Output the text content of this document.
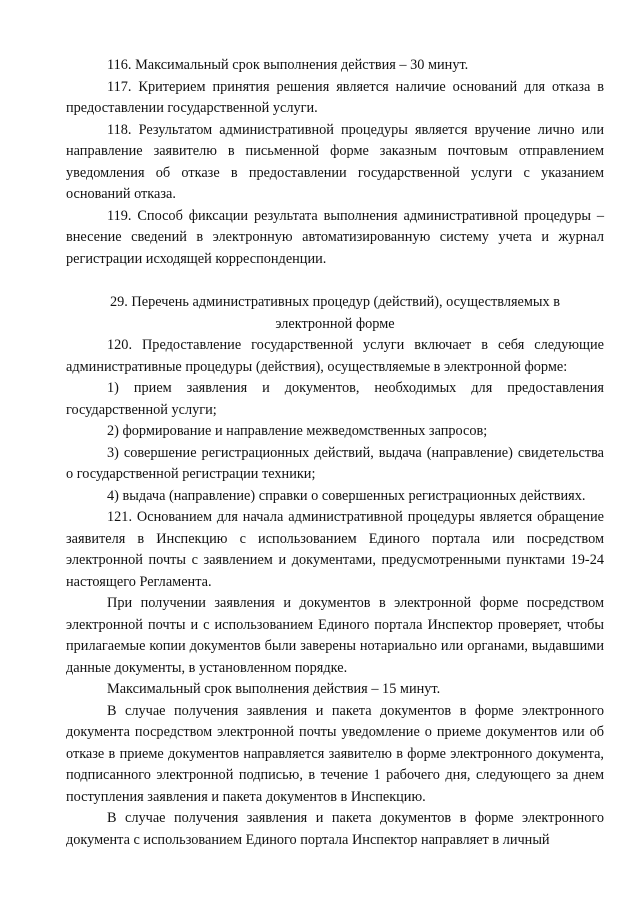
116. Максимальный срок выполнения действия – 30 минут.

117. Критерием принятия решения является наличие оснований для отказа в предоставлении государственной услуги.

118. Результатом административной процедуры является вручение лично или направление заявителю в письменной форме заказным почтовым отправлением уведомления об отказе в предоставлении государственной услуги с указанием оснований отказа.

119. Способ фиксации результата выполнения административной процедуры – внесение сведений в электронную автоматизированную систему учета и журнал регистрации исходящей корреспонденции.

29. Перечень административных процедур (действий), осуществляемых в электронной форме

120. Предоставление государственной услуги включает в себя следующие административные процедуры (действия), осуществляемые в электронной форме:

1) прием заявления и документов, необходимых для предоставления государственной услуги;

2) формирование и направление межведомственных запросов;

3) совершение регистрационных действий, выдача (направление) свидетельства о государственной регистрации техники;

4) выдача (направление) справки о совершенных регистрационных действиях.

121. Основанием для начала административной процедуры является обращение заявителя в Инспекцию с использованием Единого портала или посредством электронной почты с заявлением и документами, предусмотренными пунктами 19-24 настоящего Регламента.

При получении заявления и документов в электронной форме посредством электронной почты и с использованием Единого портала Инспектор проверяет, чтобы прилагаемые копии документов были заверены нотариально или органами, выдавшими данные документы, в установленном порядке.

Максимальный срок выполнения действия – 15 минут.

В случае получения заявления и пакета документов в форме электронного документа посредством электронной почты уведомление о приеме документов или об отказе в приеме документов направляется заявителю в форме электронного документа, подписанного электронной подписью, в течение 1 рабочего дня, следующего за днем поступления заявления и пакета документов в Инспекцию.

В случае получения заявления и пакета документов в форме электронного документа с использованием Единого портала Инспектор направляет в личный
